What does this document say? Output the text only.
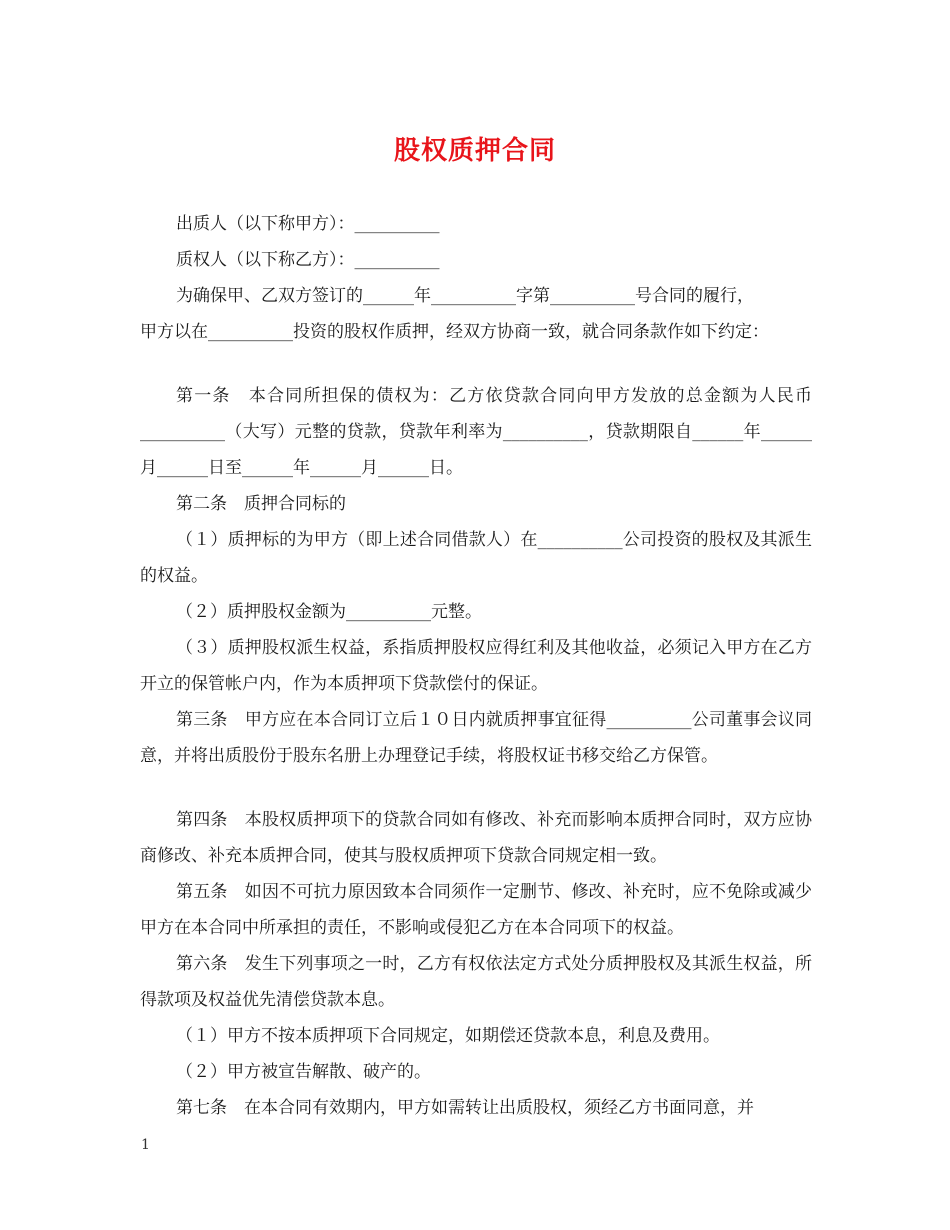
股权质押合同

出质人（以下称甲方）：__________

质权人（以下称乙方）：__________

为确保甲、乙双方签订的______年__________字第__________号合同的履行，

甲方以在__________投资的股权作质押，经双方协商一致，就合同条款作如下约定：

第一条　本合同所担保的债权为：乙方依贷款合同向甲方发放的总金额为人民币__________（大写）元整的贷款，贷款年利率为__________，贷款期限自______年______月______日至______年______月______日。

第二条　质押合同标的

（１）质押标的为甲方（即上述合同借款人）在__________公司投资的股权及其派生的权益。

（２）质押股权金额为__________元整。

（３）质押股权派生权益，系指质押股权应得红利及其他收益，必须记入甲方在乙方开立的保管帐户内，作为本质押项下贷款偿付的保证。

第三条　甲方应在本合同订立后１０日内就质押事宜征得__________公司董事会议同意，并将出质股份于股东名册上办理登记手续，将股权证书移交给乙方保管。

第四条　本股权质押项下的贷款合同如有修改、补充而影响本质押合同时，双方应协商修改、补充本质押合同，使其与股权质押项下贷款合同规定相一致。

第五条　如因不可抗力原因致本合同须作一定删节、修改、补充时，应不免除或减少甲方在本合同中所承担的责任，不影响或侵犯乙方在本合同项下的权益。

第六条　发生下列事项之一时，乙方有权依法定方式处分质押股权及其派生权益，所得款项及权益优先清偿贷款本息。

（１）甲方不按本质押项下合同规定，如期偿还贷款本息，利息及费用。

（２）甲方被宣告解散、破产的。

第七条　在本合同有效期内，甲方如需转让出质股权，须经乙方书面同意，并

1
